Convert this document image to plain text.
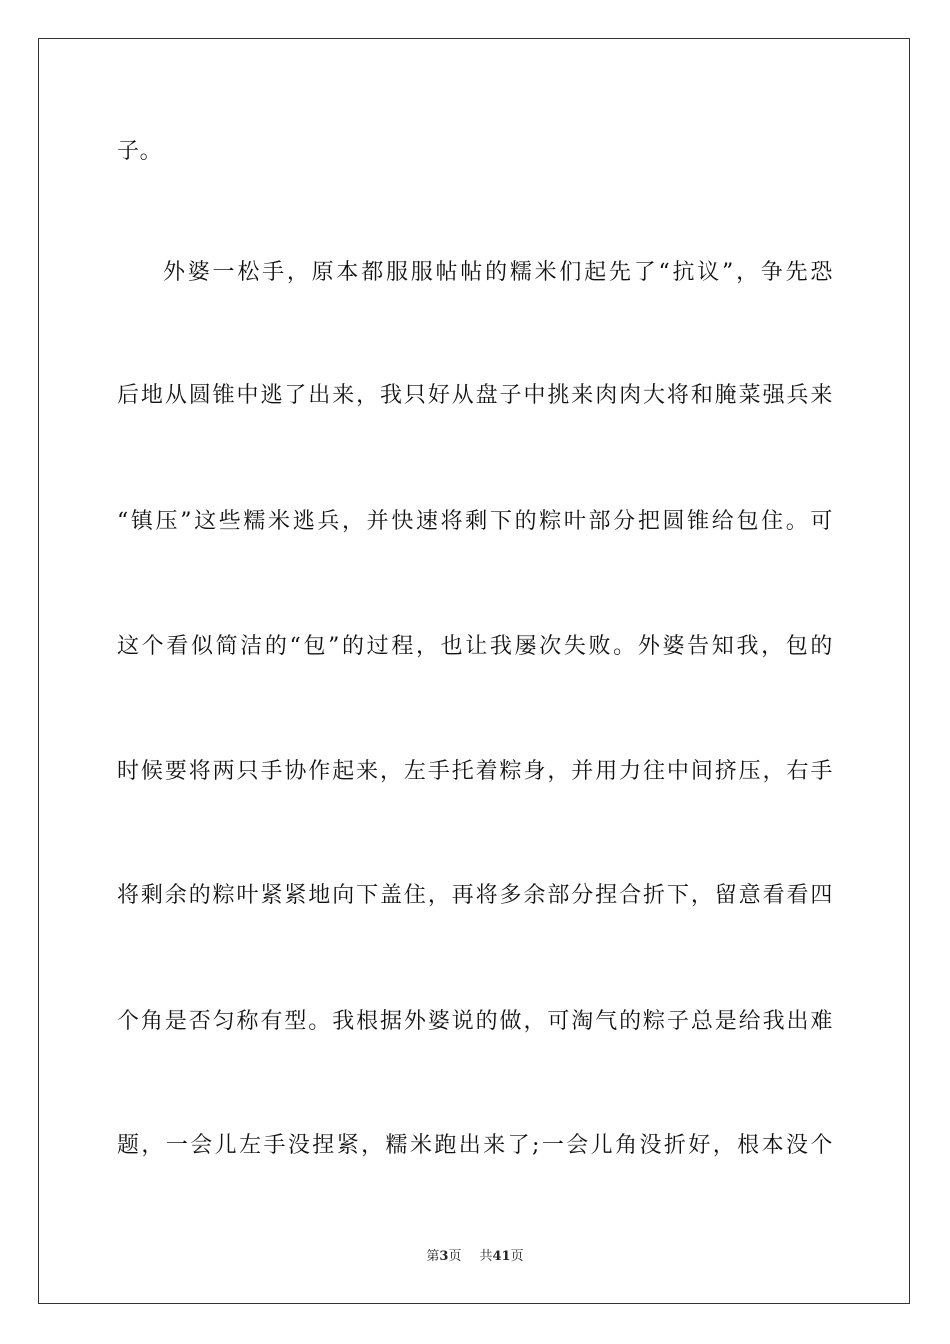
子。
外婆一松手，原本都服服帖帖的糯米们起先了“抗议”，争先恐
后地从圆锥中逃了出来，我只好从盘子中挑来肉肉大将和腌菜强兵来
“镇压”这些糯米逃兵，并快速将剩下的粽叶部分把圆锥给包住。可
这个看似简洁的“包”的过程，也让我屡次失败。外婆告知我，包的
时候要将两只手协作起来，左手托着粽身，并用力往中间挤压，右手
将剩余的粽叶紧紧地向下盖住，再将多余部分捏合折下，留意看看四
个角是否匀称有型。我根据外婆说的做，可淘气的粽子总是给我出难
题，一会儿左手没捏紧，糯米跑出来了;一会儿角没折好，根本没个
第3页 共41页
